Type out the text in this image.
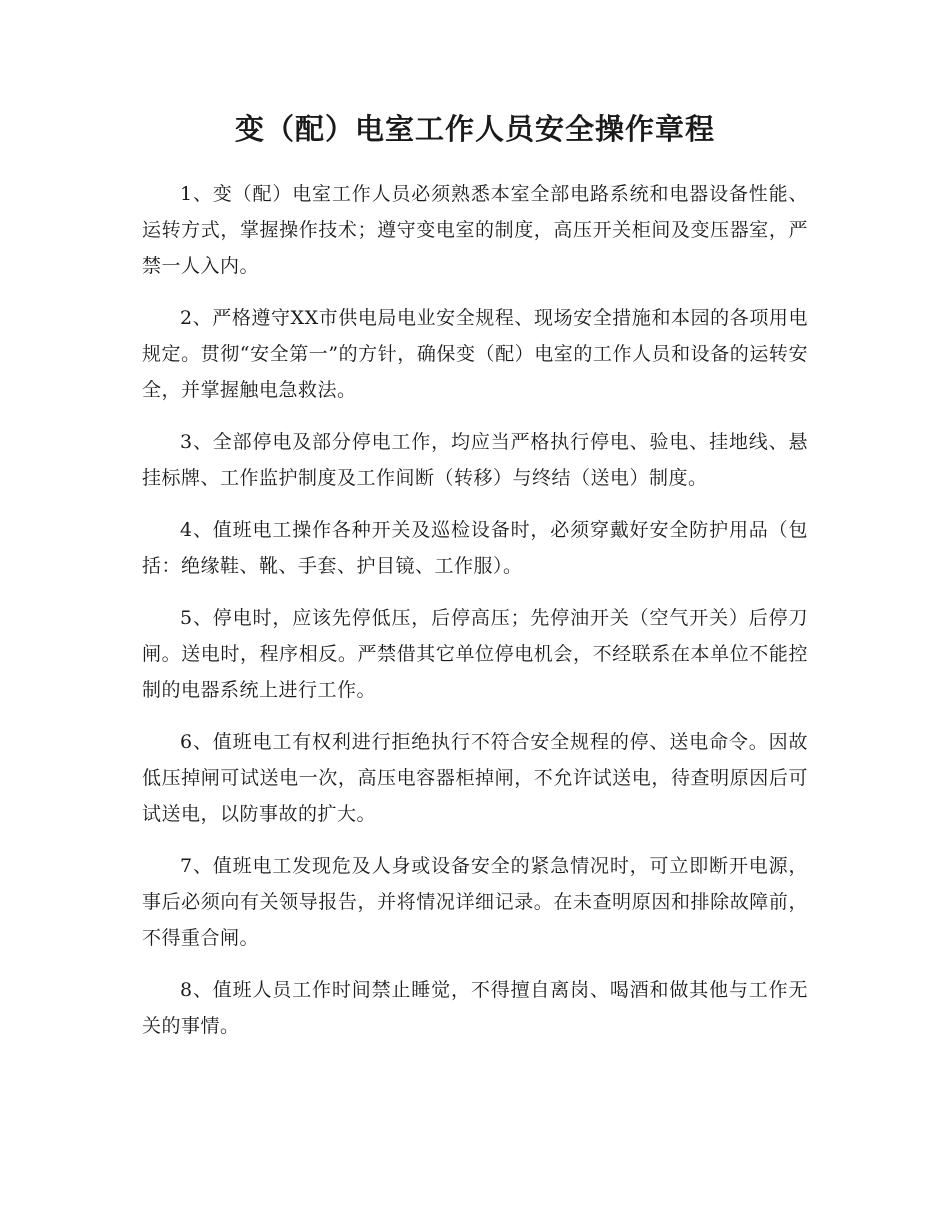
变（配）电室工作人员安全操作章程

1、变（配）电室工作人员必须熟悉本室全部电路系统和电器设备性能、运转方式，掌握操作技术；遵守变电室的制度，高压开关柜间及变压器室，严禁一人入内。

2、严格遵守XX市供电局电业安全规程、现场安全措施和本园的各项用电规定。贯彻“安全第一”的方针，确保变（配）电室的工作人员和设备的运转安全，并掌握触电急救法。

3、全部停电及部分停电工作，均应当严格执行停电、验电、挂地线、悬挂标牌、工作监护制度及工作间断（转移）与终结（送电）制度。

4、值班电工操作各种开关及巡检设备时，必须穿戴好安全防护用品（包括：绝缘鞋、靴、手套、护目镜、工作服）。

5、停电时，应该先停低压，后停高压；先停油开关（空气开关）后停刀闸。送电时，程序相反。严禁借其它单位停电机会，不经联系在本单位不能控制的电器系统上进行工作。

6、值班电工有权利进行拒绝执行不符合安全规程的停、送电命令。因故低压掉闸可试送电一次，高压电容器柜掉闸，不允许试送电，待查明原因后可试送电，以防事故的扩大。

7、值班电工发现危及人身或设备安全的紧急情况时，可立即断开电源，事后必须向有关领导报告，并将情况详细记录。在未查明原因和排除故障前，不得重合闸。

8、值班人员工作时间禁止睡觉，不得擅自离岗、喝酒和做其他与工作无关的事情。
